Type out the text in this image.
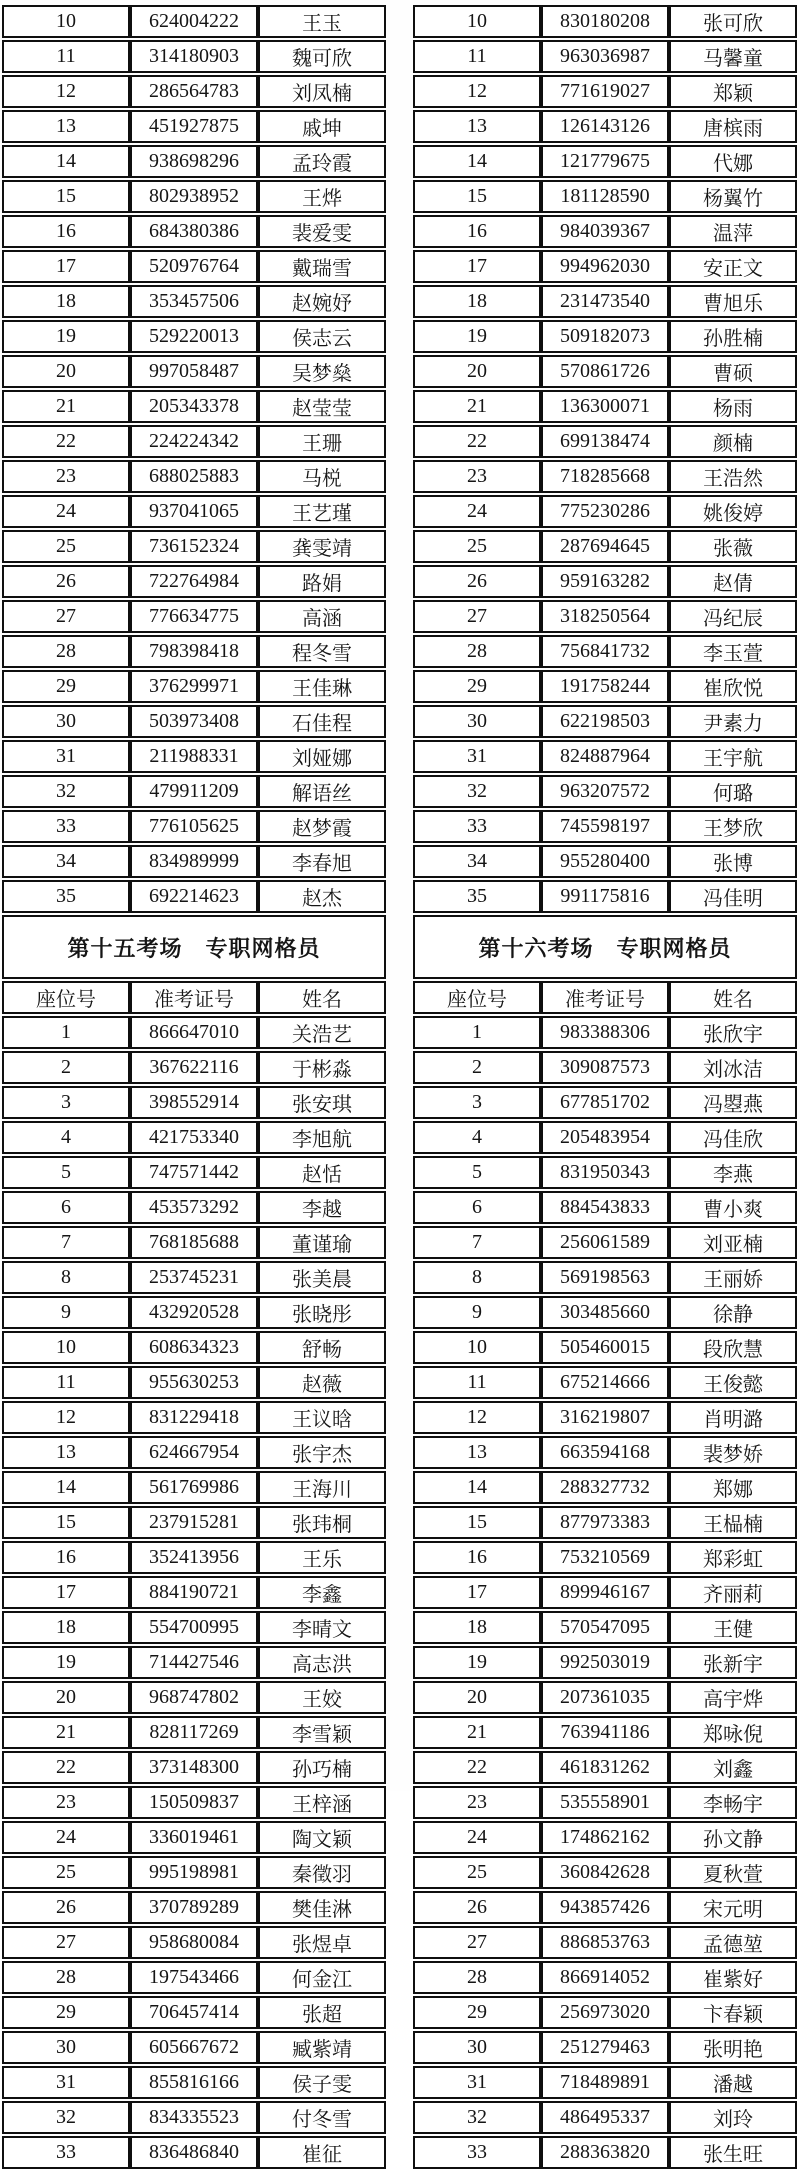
10	624004222	王玉
11	314180903	魏可欣
12	286564783	刘凤楠
13	451927875	戚坤
14	938698296	孟玲霞
15	802938952	王烨
16	684380386	裴爱雯
17	520976764	戴瑞雪
18	353457506	赵婉妤
19	529220013	侯志云
20	997058487	吴梦燊
21	205343378	赵莹莹
22	224224342	王珊
23	688025883	马棁
24	937041065	王艺瑾
25	736152324	龚雯靖
26	722764984	路娟
27	776634775	高涵
28	798398418	程冬雪
29	376299971	王佳琳
30	503973408	石佳程
31	211988331	刘娅娜
32	479911209	解语丝
33	776105625	赵梦霞
34	834989999	李春旭
35	692214623	赵杰
第十五考场　专职网格员		
座位号	准考证号	姓名
1	866647010	关浩艺
2	367622116	于彬淼
3	398552914	张安琪
4	421753340	李旭航
5	747571442	赵恬
6	453573292	李越
7	768185688	董谨瑜
8	253745231	张美晨
9	432920528	张晓彤
10	608634323	舒畅
11	955630253	赵薇
12	831229418	王议晗
13	624667954	张宇杰
14	561769986	王海川
15	237915281	张玮桐
16	352413956	王乐
17	884190721	李鑫
18	554700995	李晴文
19	714427546	高志洪
20	968747802	王姣
21	828117269	李雪颖
22	373148300	孙巧楠
23	150509837	王梓涵
24	336019461	陶文颖
25	995198981	秦徵羽
26	370789289	樊佳淋
27	958680084	张煜卓
28	197543466	何金江
29	706457414	张超
30	605667672	臧紫靖
31	855816166	侯子雯
32	834335523	付冬雪
33	836486840	崔征
10	830180208	张可欣
11	963036987	马馨童
12	771619027	郑颖
13	126143126	唐槟雨
14	121779675	代娜
15	181128590	杨翼竹
16	984039367	温萍
17	994962030	安正文
18	231473540	曹旭乐
19	509182073	孙胜楠
20	570861726	曹硕
21	136300071	杨雨
22	699138474	颜楠
23	718285668	王浩然
24	775230286	姚俊婷
25	287694645	张薇
26	959163282	赵倩
27	318250564	冯纪辰
28	756841732	李玉萱
29	191758244	崔欣悦
30	622198503	尹素力
31	824887964	王宇航
32	963207572	何璐
33	745598197	王梦欣
34	955280400	张博
35	991175816	冯佳明
第十六考场　专职网格员		
座位号	准考证号	姓名
1	983388306	张欣宇
2	309087573	刘冰洁
3	677851702	冯曌燕
4	205483954	冯佳欣
5	831950343	李燕
6	884543833	曹小爽
7	256061589	刘亚楠
8	569198563	王丽娇
9	303485660	徐静
10	505460015	段欣慧
11	675214666	王俊懿
12	316219807	肖明潞
13	663594168	裴梦娇
14	288327732	郑娜
15	877973383	王榀楠
16	753210569	郑彩虹
17	899946167	齐丽莉
18	570547095	王健
19	992503019	张新宇
20	207361035	高宇烨
21	763941186	郑咏倪
22	461831262	刘鑫
23	535558901	李畅宇
24	174862162	孙文静
25	360842628	夏秋萱
26	943857426	宋元明
27	886853763	孟德堃
28	866914052	崔紫好
29	256973020	卞春颖
30	251279463	张明艳
31	718489891	潘越
32	486495337	刘玲
33	288363820	张生旺
